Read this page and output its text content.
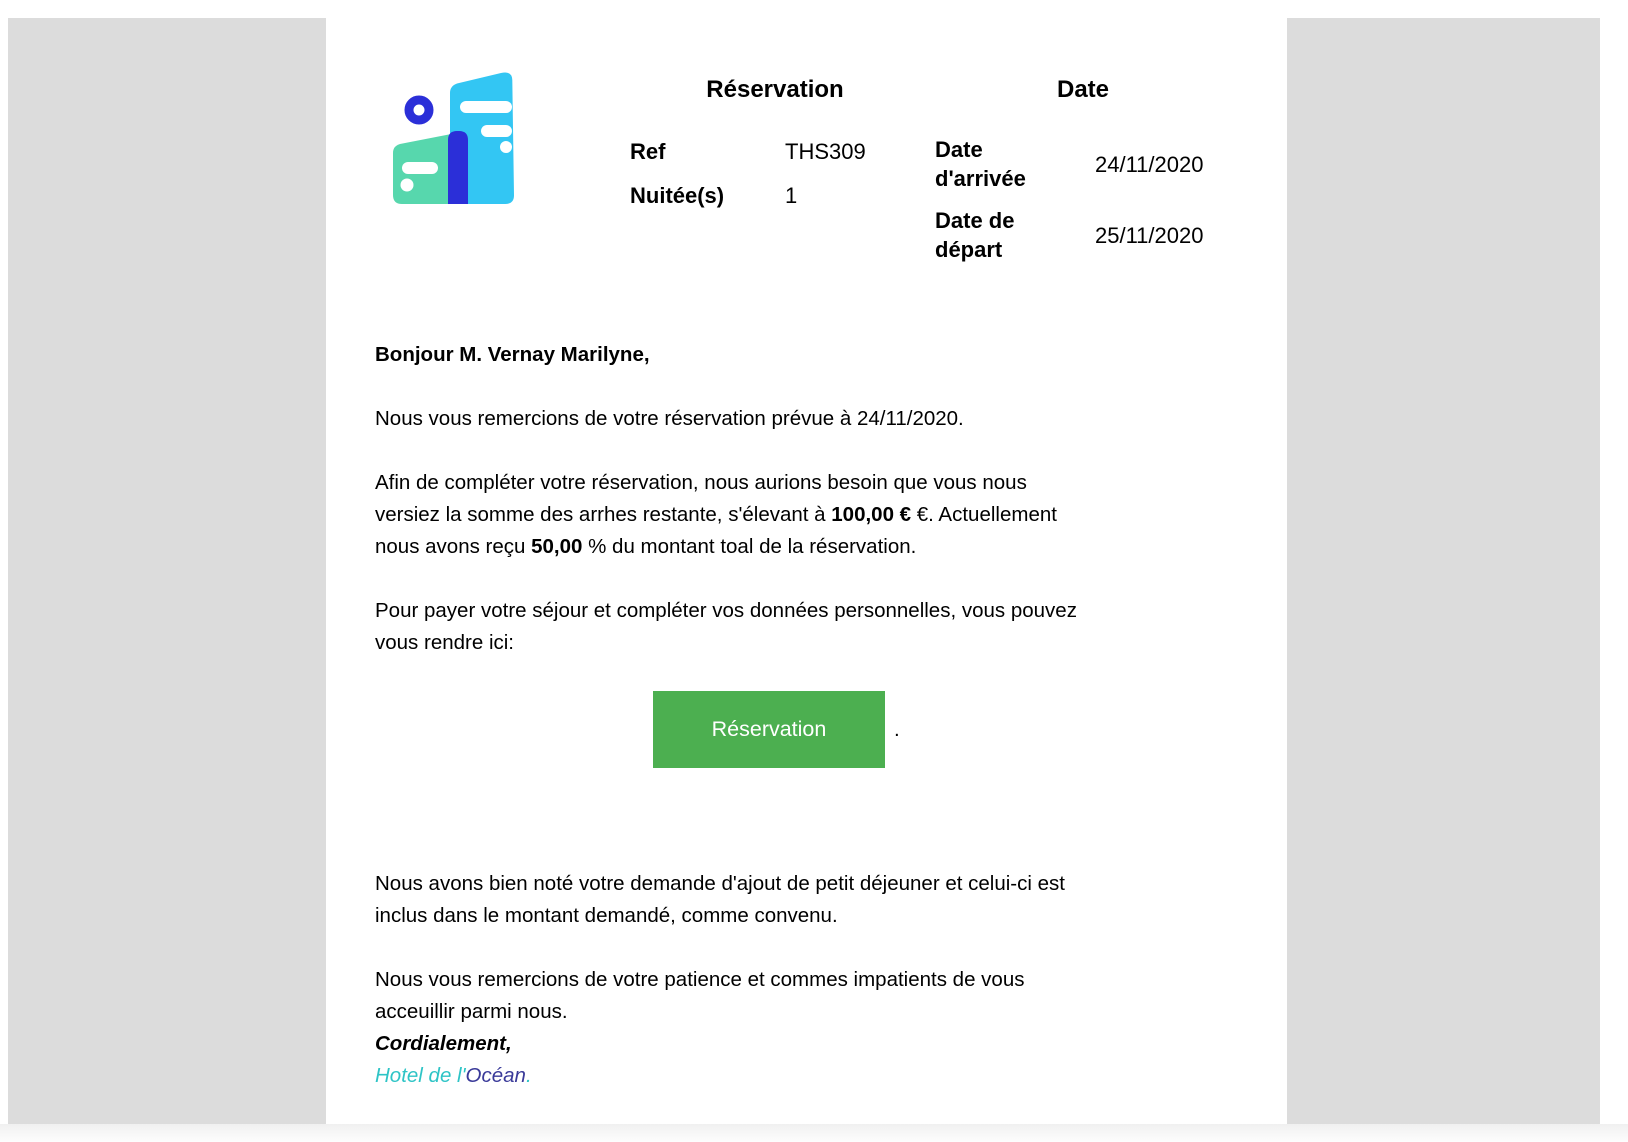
Réservation
Ref	THS309
Nuitée(s)	1
Date
Date d'arrivée
24/11/2020
Date de départ
25/11/2020
Bonjour M. Vernay Marilyne,
Nous vous remercions de votre réservation prévue à 24/11/2020.
Afin de compléter votre réservation, nous aurions besoin que vous nous
versiez la somme des arrhes restante, s'élevant à 100,00 € €. Actuellement
nous avons reçu 50,00 % du montant toal de la réservation.
Pour payer votre séjour et compléter vos données personnelles, vous pouvez
vous rendre ici:
Réservation	.
Nous avons bien noté votre demande d'ajout de petit déjeuner et celui-ci est
inclus dans le montant demandé, comme convenu.
Nous vous remercions de votre patience et commes impatients de vous
acceuillir parmi nous.
Cordialement,
Hotel de l'Océan.
